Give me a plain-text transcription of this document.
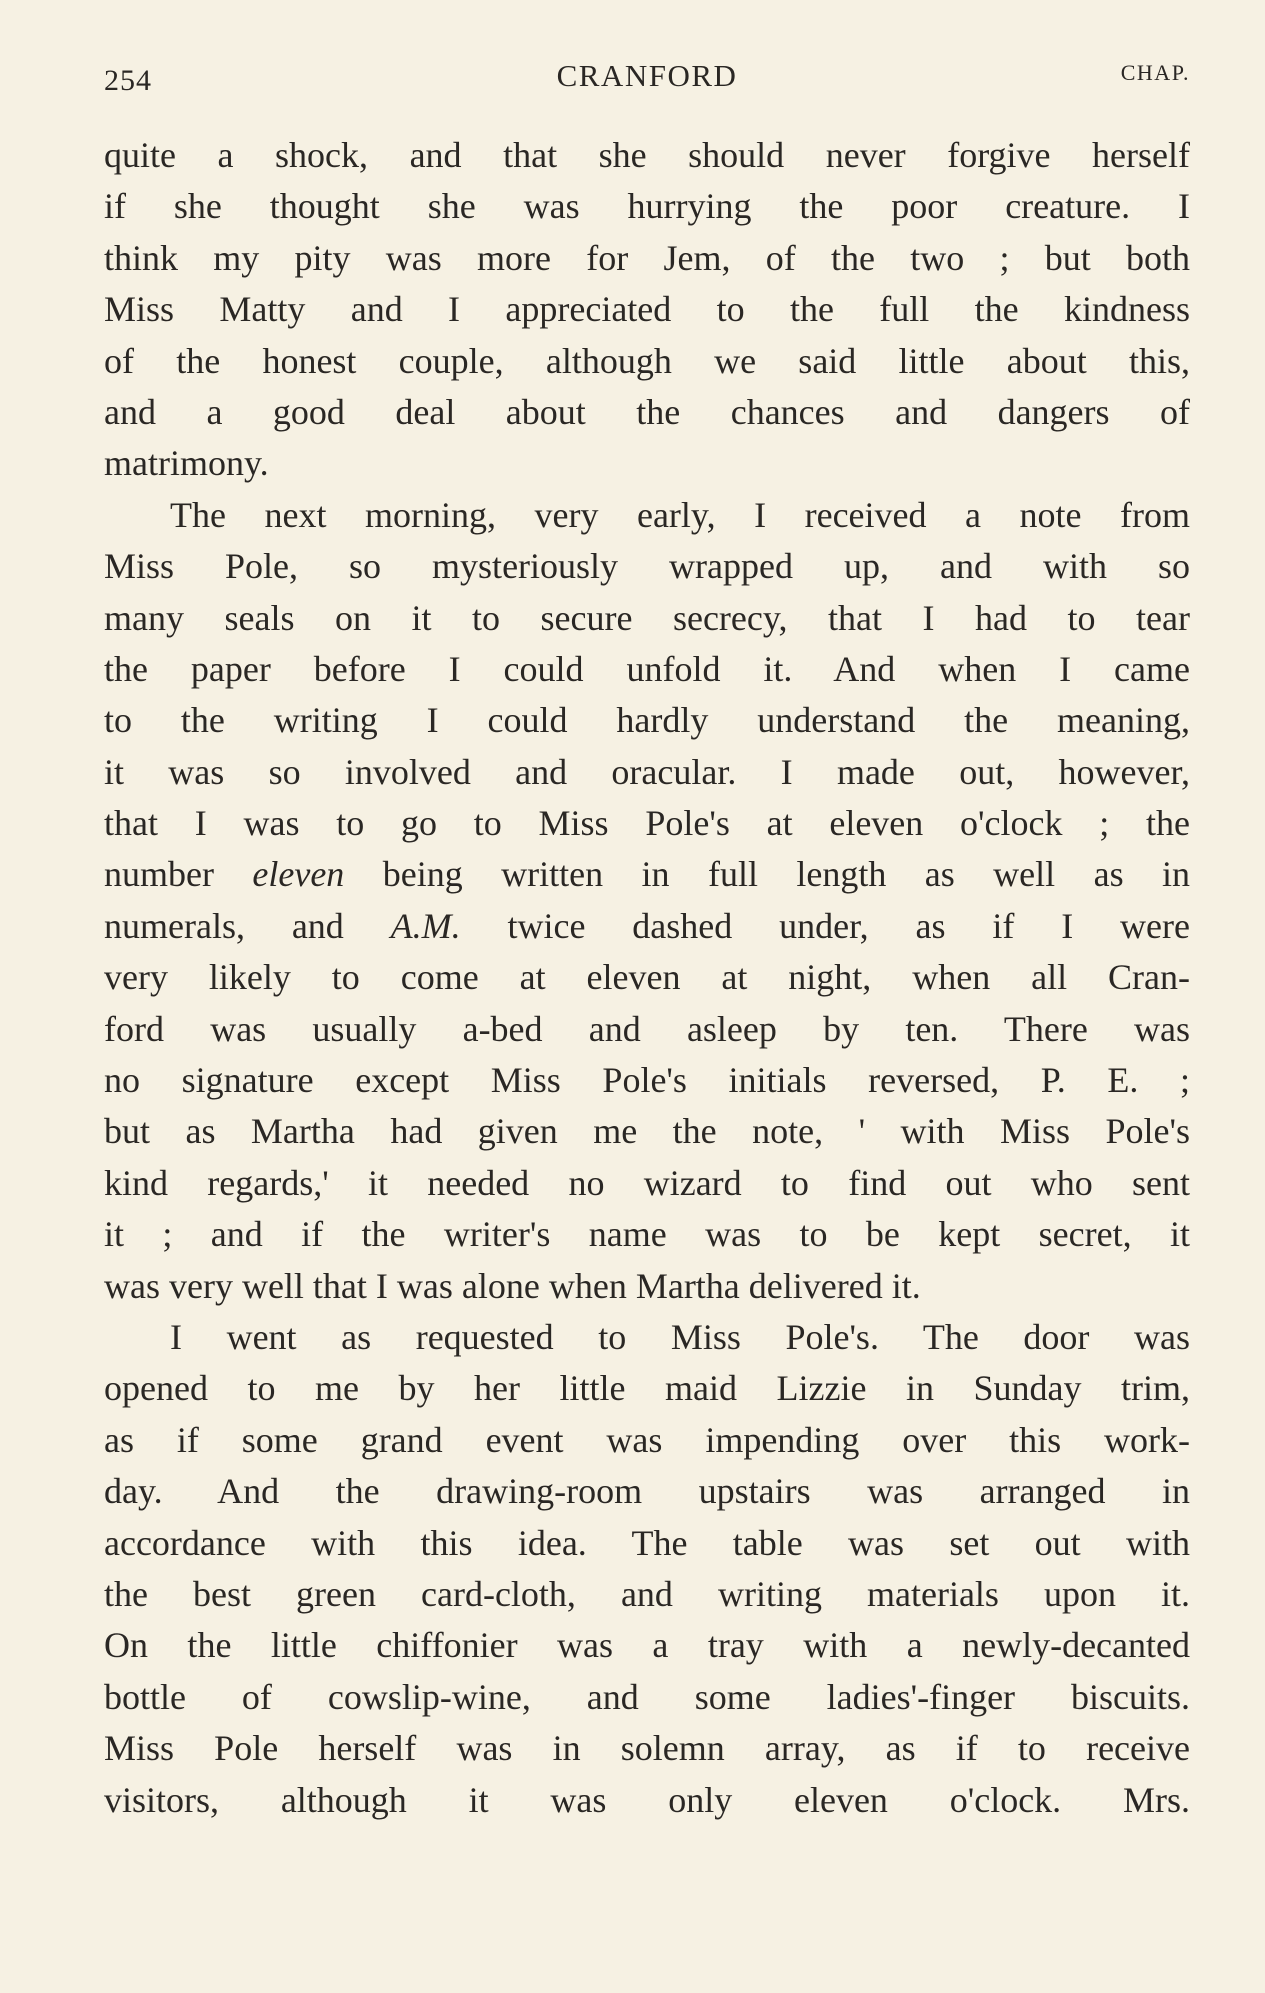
254	CRANFORD	CHAP.
quite a shock, and that she should never forgive herself
if she thought she was hurrying the poor creature. I
think my pity was more for Jem, of the two ; but both
Miss Matty and I appreciated to the full the kindness
of the honest couple, although we said little about this,
and a good deal about the chances and dangers of
matrimony.
The next morning, very early, I received a note from
Miss Pole, so mysteriously wrapped up, and with so
many seals on it to secure secrecy, that I had to tear
the paper before I could unfold it. And when I came
to the writing I could hardly understand the meaning,
it was so involved and oracular. I made out, however,
that I was to go to Miss Pole's at eleven o'clock ; the
number eleven being written in full length as well as in
numerals, and A.M. twice dashed under, as if I were
very likely to come at eleven at night, when all Cran-
ford was usually a-bed and asleep by ten. There was
no signature except Miss Pole's initials reversed, P. E. ;
but as Martha had given me the note, ' with Miss Pole's
kind regards,' it needed no wizard to find out who sent
it ; and if the writer's name was to be kept secret, it
was very well that I was alone when Martha delivered it.
I went as requested to Miss Pole's. The door was
opened to me by her little maid Lizzie in Sunday trim,
as if some grand event was impending over this work-
day. And the drawing-room upstairs was arranged in
accordance with this idea. The table was set out with
the best green card-cloth, and writing materials upon it.
On the little chiffonier was a tray with a newly-decanted
bottle of cowslip-wine, and some ladies'-finger biscuits.
Miss Pole herself was in solemn array, as if to receive
visitors, although it was only eleven o'clock. Mrs.
